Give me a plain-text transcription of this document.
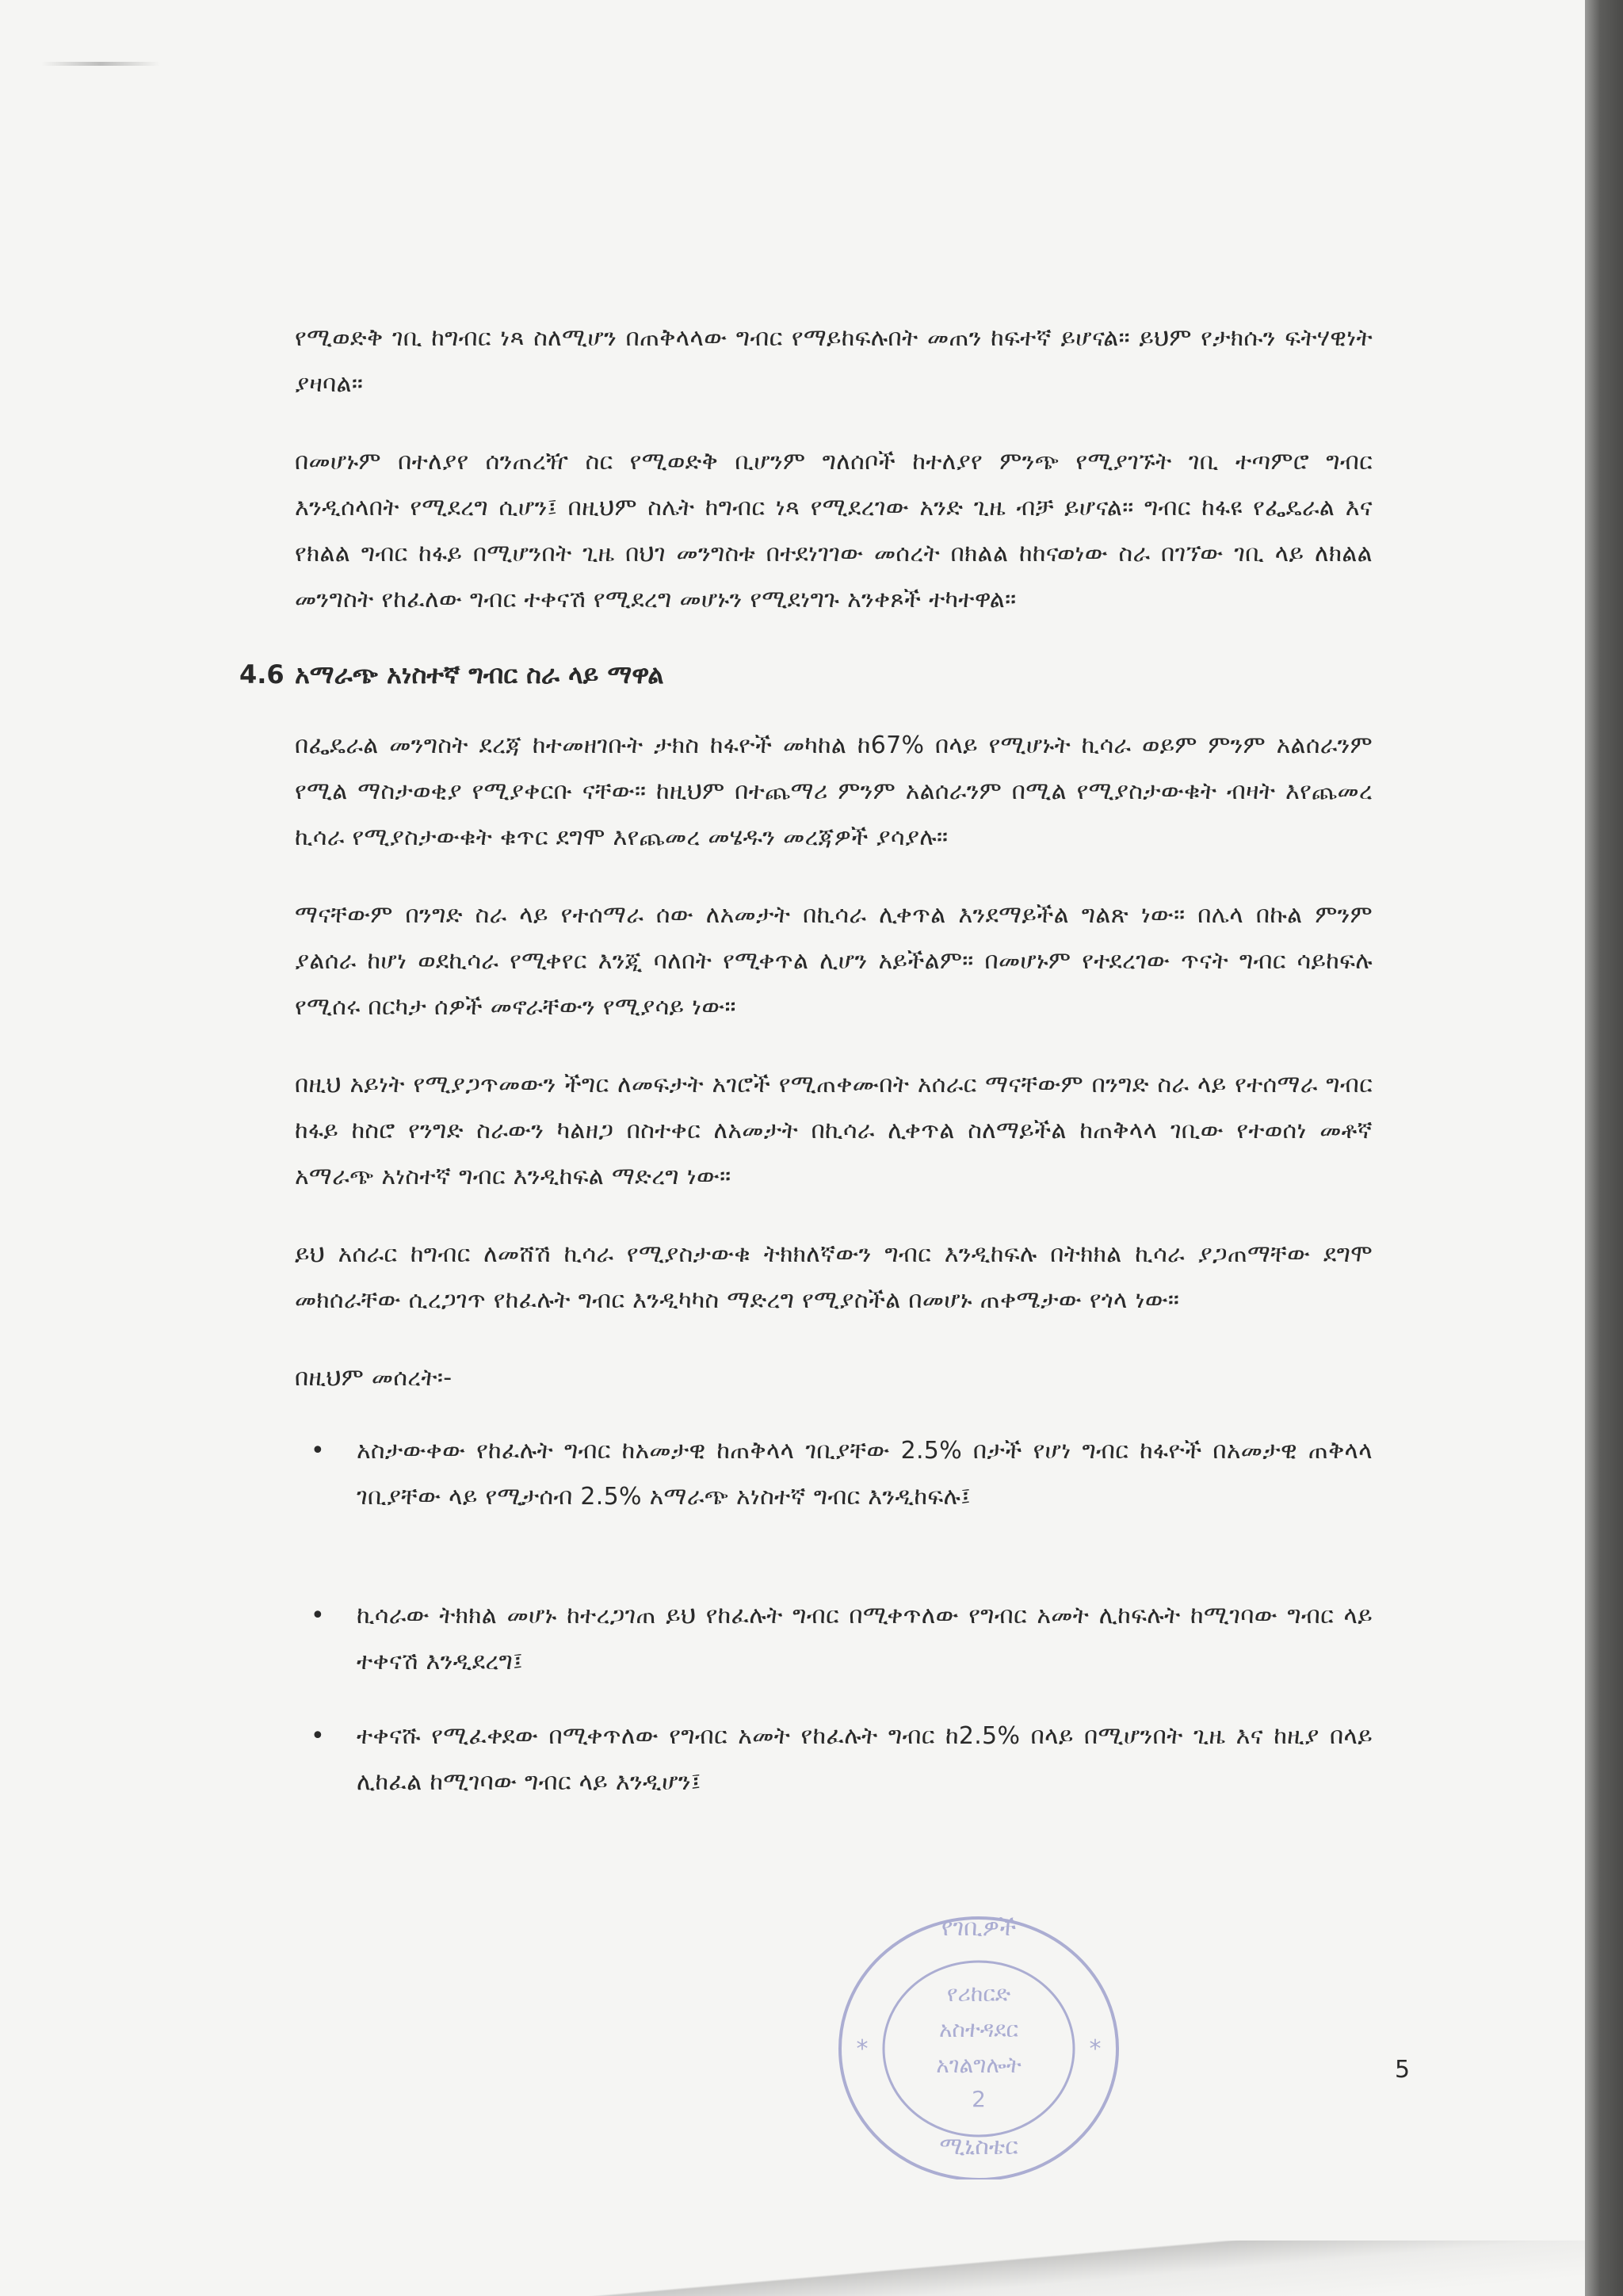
የሚወድቅ ገቢ ከግብር ነጻ ስለሚሆን በጠቅላላው ግብር የማይከፍሉበት መጠን ከፍተኛ ይሆናል። ይህም የታክሱን ፍትሃዊነት ያዛባል።

በመሆኑም በተለያየ ሰንጠረዥ ስር የሚወድቅ ቢሆንም ግለሰቦች ከተለያየ ምንጭ የሚያገኙት ገቢ ተጣምሮ ግብር እንዲሰላበት የሚደረግ ሲሆን፤ በዚህም ስሌት ከግብር ነጻ የሚደረገው አንድ ጊዜ ብቻ ይሆናል። ግብር ከፋዩ የፌዴራል እና የክልል ግብር ከፋይ በሚሆንበት ጊዜ በህገ መንግስቱ በተደነገገው መሰረት በክልል ከከናወነው ስራ በገኘው ገቢ ላይ ለክልል መንግስት የከፈለው ግብር ተቀናሽ የሚደረግ መሆኑን የሚደነግጉ አንቀጾች ተካተዋል።

4.6 አማራጭ አነስተኛ ግብር ስራ ላይ ማዋል

በፌዴራል መንግስት ደረጃ ከተመዘገቡት ታክስ ከፋዮች መካከል ከ67% በላይ የሚሆኑት ኪሳራ ወይም ምንም አልሰራንም የሚል ማስታወቂያ የሚያቀርቡ ናቸው። ከዚህም በተጨማሪ ምንም አልሰራንም በሚል የሚያስታውቁት ብዛት እየጨመረ ኪሳራ የሚያስታውቁት ቁጥር ደግሞ እየጨመረ መሄዱን መረጃዎች ያሳያሉ።

ማናቸውም በንግድ ስራ ላይ የተሰማራ ሰው ለአመታት በኪሳራ ሊቀጥል እንደማይችል ግልጽ ነው። በሌላ በኩል ምንም ያልሰራ ከሆነ ወደኪሳራ የሚቀየር እንጂ ባለበት የሚቀጥል ሊሆን አይችልም። በመሆኑም የተደረገው ጥናት ግብር ሳይከፍሉ የሚሰሩ በርካታ ሰዎች መኖራቸውን የሚያሳይ ነው።

በዚህ አይነት የሚያጋጥመውን ችግር ለመፍታት አገሮች የሚጠቀሙበት አሰራር ማናቸውም በንግድ ስራ ላይ የተሰማራ ግብር ከፋይ ከስሮ የንግድ ስራውን ካልዘጋ በስተቀር ለአመታት በኪሳራ ሊቀጥል ስለማይችል ከጠቅላላ ገቢው የተወሰነ መቶኛ አማራጭ አነስተኛ ግብር እንዲከፍል ማድረግ ነው።

ይህ አሰራር ከግብር ለመሸሽ ኪሳራ የሚያስታውቁ ትክክለኛውን ግብር እንዲከፍሉ በትክክል ኪሳራ ያጋጠማቸው ደግሞ መክሰራቸው ሲረጋገጥ የከፈሉት ግብር እንዲካካስ ማድረግ የሚያስችል በመሆኑ ጠቀሜታው የጎላ ነው።

በዚህም መሰረት፡-

• አስታውቀው የከፈሉት ግብር ከአመታዊ ከጠቅላላ ገቢያቸው 2.5% በታች የሆነ ግብር ከፋዮች በአመታዊ ጠቅላላ ገቢያቸው ላይ የሚታሰብ 2.5% አማራጭ አነስተኛ ግብር እንዲከፍሉ፤
• ኪሳራው ትክክል መሆኑ ከተረጋገጠ ይህ የከፈሉት ግብር በሚቀጥለው የግብር አመት ሊከፍሉት ከሚገባው ግብር ላይ ተቀናሽ እንዲደረግ፤
• ተቀናሹ የሚፈቀደው በሚቀጥለው የግብር አመት የከፈሉት ግብር ከ2.5% በላይ በሚሆንበት ጊዜ እና ከዚያ በላይ ሊከፈል ከሚገባው ግብር ላይ እንዲሆን፤
5
የገቢዎች
የሪከርድ
አስተዳደር
አገልግሎት
2
ሚኒስቴር
*	*
